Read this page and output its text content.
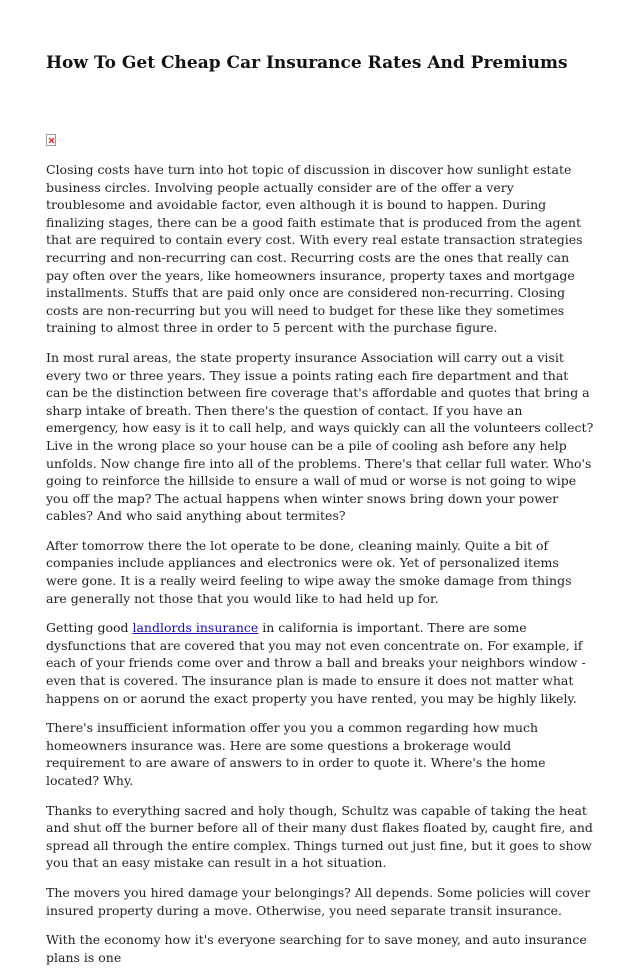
How To Get Cheap Car Insurance Rates And Premiums

Closing costs have turn into hot topic of discussion in discover how sunlight estate business circles. Involving people actually consider are of the offer a very troublesome and avoidable factor, even although it is bound to happen. During finalizing stages, there can be a good faith estimate that is produced from the agent that are required to contain every cost. With every real estate transaction strategies recurring and non-recurring can cost. Recurring costs are the ones that really can pay often over the years, like homeowners insurance, property taxes and mortgage installments. Stuffs that are paid only once are considered non-recurring. Closing costs are non-recurring but you will need to budget for these like they sometimes training to almost three in order to 5 percent with the purchase figure.

In most rural areas, the state property insurance Association will carry out a visit every two or three years. They issue a points rating each fire department and that can be the distinction between fire coverage that's affordable and quotes that bring a sharp intake of breath. Then there's the question of contact. If you have an emergency, how easy is it to call help, and ways quickly can all the volunteers collect? Live in the wrong place so your house can be a pile of cooling ash before any help unfolds. Now change fire into all of the problems. There's that cellar full water. Who's going to reinforce the hillside to ensure a wall of mud or worse is not going to wipe you off the map? The actual happens when winter snows bring down your power cables? And who said anything about termites?

After tomorrow there the lot operate to be done, cleaning mainly. Quite a bit of companies include appliances and electronics were ok. Yet of personalized items were gone. It is a really weird feeling to wipe away the smoke damage from things are generally not those that you would like to had held up for.

Getting good landlords insurance in california is important. There are some dysfunctions that are covered that you may not even concentrate on. For example, if each of your friends come over and throw a ball and breaks your neighbors window - even that is covered. The insurance plan is made to ensure it does not matter what happens on or aorund the exact property you have rented, you may be highly likely.

There's insufficient information offer you you a common regarding how much homeowners insurance was. Here are some questions a brokerage would requirement to are aware of answers to in order to quote it. Where's the home located? Why.

Thanks to everything sacred and holy though, Schultz was capable of taking the heat and shut off the burner before all of their many dust flakes floated by, caught fire, and spread all through the entire complex. Things turned out just fine, but it goes to show you that an easy mistake can result in a hot situation.

The movers you hired damage your belongings? All depends. Some policies will cover insured property during a move. Otherwise, you need separate transit insurance.

With the economy how it's everyone searching for to save money, and auto insurance plans is one
